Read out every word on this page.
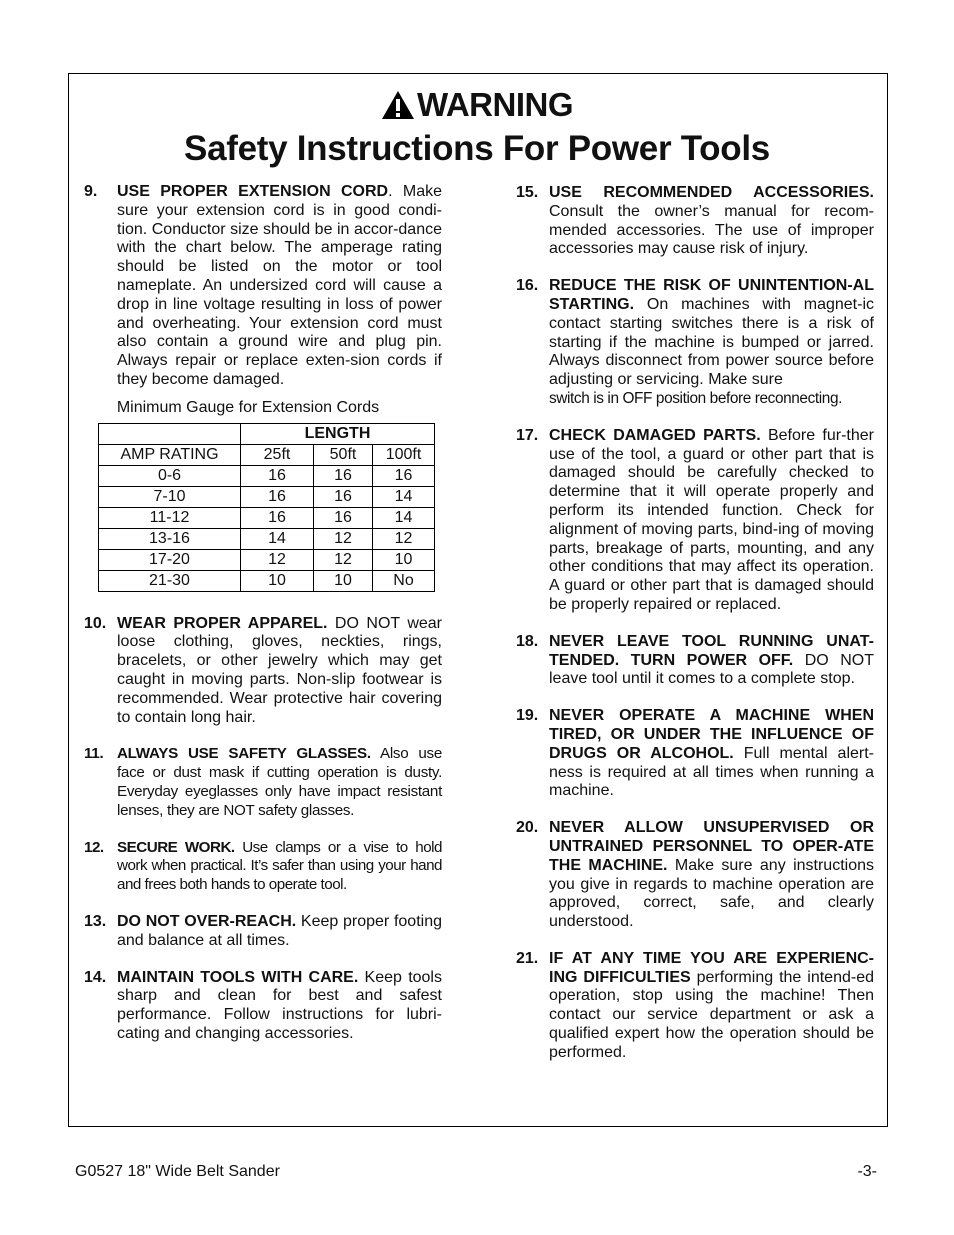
WARNING
Safety Instructions For Power Tools
9. USE PROPER EXTENSION CORD. Make sure your extension cord is in good condi-tion. Conductor size should be in accor-dance with the chart below. The amperage rating should be listed on the motor or tool nameplate. An undersized cord will cause a drop in line voltage resulting in loss of power and overheating. Your extension cord must also contain a ground wire and plug pin. Always repair or replace exten-sion cords if they become damaged.
Minimum Gauge for Extension Cords
	LENGTH		
AMP RATING	25ft	50ft	100ft
0-6	16	16	16
7-10	16	16	14
11-12	16	16	14
13-16	14	12	12
17-20	12	12	10
21-30	10	10	No
10. WEAR PROPER APPAREL. DO NOT wear loose clothing, gloves, neckties, rings, bracelets, or other jewelry which may get caught in moving parts. Non-slip footwear is recommended. Wear protective hair covering to contain long hair.
11. ALWAYS USE SAFETY GLASSES. Also use face or dust mask if cutting operation is dusty. Everyday eyeglasses only have impact resistant lenses, they are NOT safety glasses.
12. SECURE WORK. Use clamps or a vise to hold work when practical. It’s safer than using your hand and frees both hands to operate tool.
13. DO NOT OVER-REACH. Keep proper footing and balance at all times.
14. MAINTAIN TOOLS WITH CARE. Keep tools sharp and clean for best and safest performance. Follow instructions for lubri-cating and changing accessories.
15. USE RECOMMENDED ACCESSORIES. Consult the owner’s manual for recom-mended accessories. The use of improper accessories may cause risk of injury.
16. REDUCE THE RISK OF UNINTENTION-AL STARTING. On machines with magnet-ic contact starting switches there is a risk of starting if the machine is bumped or jarred. Always disconnect from power source before adjusting or servicing. Make sure
switch is in OFF position before reconnecting.
17. CHECK DAMAGED PARTS. Before fur-ther use of the tool, a guard or other part that is damaged should be carefully checked to determine that it will operate properly and perform its intended function. Check for alignment of moving parts, bind-ing of moving parts, breakage of parts, mounting, and any other conditions that may affect its operation. A guard or other part that is damaged should be properly repaired or replaced.
18. NEVER LEAVE TOOL RUNNING UNAT-TENDED. TURN POWER OFF. DO NOT leave tool until it comes to a complete stop.
19. NEVER OPERATE A MACHINE WHEN TIRED, OR UNDER THE INFLUENCE OF DRUGS OR ALCOHOL. Full mental alert-ness is required at all times when running a machine.
20. NEVER ALLOW UNSUPERVISED OR UNTRAINED PERSONNEL TO OPER-ATE THE MACHINE. Make sure any instructions you give in regards to machine operation are approved, correct, safe, and clearly understood.
21. IF AT ANY TIME YOU ARE EXPERIENC-ING DIFFICULTIES performing the intend-ed operation, stop using the machine! Then contact our service department or ask a qualified expert how the operation should be performed.
G0527 18" Wide Belt Sander	-3-
